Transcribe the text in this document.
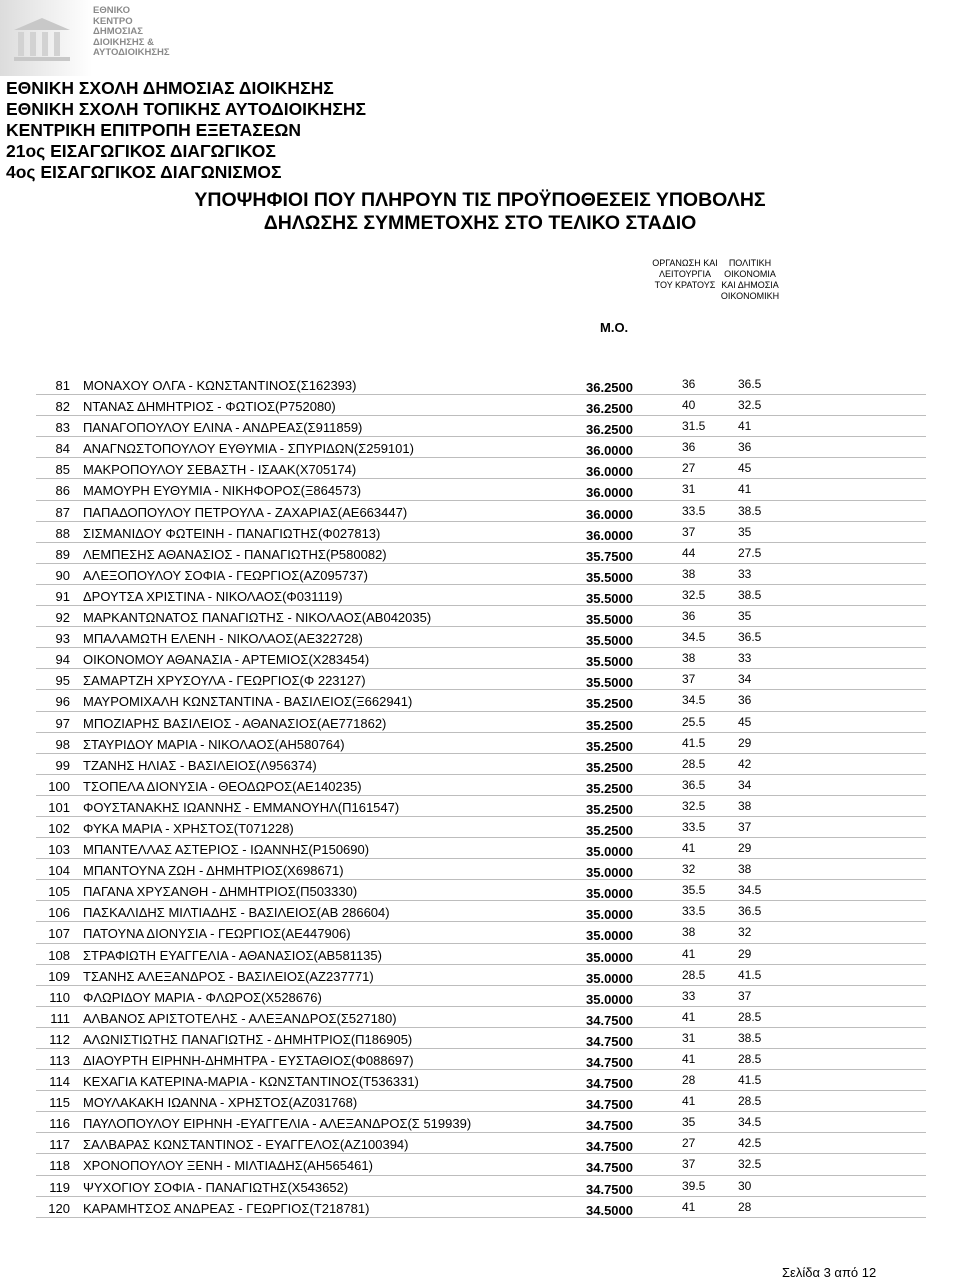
ΕΘΝΙΚΟ
ΚΕΝΤΡΟ
ΔΗΜΟΣΙΑΣ
ΔΙΟΙΚΗΣΗΣ &
ΑΥΤΟΔΙΟΙΚΗΣΗΣ
ΕΘΝΙΚΗ ΣΧΟΛΗ ΔΗΜΟΣΙΑΣ ΔΙΟΙΚΗΣΗΣ
ΕΘΝΙΚΗ ΣΧΟΛΗ ΤΟΠΙΚΗΣ ΑΥΤΟΔΙΟΙΚΗΣΗΣ
ΚΕΝΤΡΙΚΗ ΕΠΙΤΡΟΠΗ ΕΞΕΤΑΣΕΩΝ
21ος ΕΙΣΑΓΩΓΙΚΟΣ ΔΙΑΓΩΓΙΚΟΣ
4ος ΕΙΣΑΓΩΓΙΚΟΣ ΔΙΑΓΩΝΙΣΜΟΣ
ΥΠΟΨΗΦΙΟΙ ΠΟΥ ΠΛΗΡΟΥΝ ΤΙΣ ΠΡΟΫΠΟΘΕΣΕΙΣ ΥΠΟΒΟΛΗΣ
ΔΗΛΩΣΗΣ ΣΥΜΜΕΤΟΧΗΣ ΣΤΟ ΤΕΛΙΚΟ ΣΤΑΔΙΟ
ΟΡΓΑΝΩΣΗ ΚΑΙ
ΛΕΙΤΟΥΡΓΙΑ
ΤΟΥ ΚΡΑΤΟΥΣ
ΠΟΛΙΤΙΚΗ
ΟΙΚΟΝΟΜΙΑ
ΚΑΙ ΔΗΜΟΣΙΑ
ΟΙΚΟΝΟΜΙΚΗ
Μ.Ο.
81 ΜΟΝΑΧΟΥ ΟΛΓΑ - ΚΩΝΣΤΑΝΤΙΝΟΣ(Σ162393)	36.2500	36	36.5
82 ΝΤΑΝΑΣ ΔΗΜΗΤΡΙΟΣ - ΦΩΤΙΟΣ(Ρ752080)	36.2500	40	32.5
83 ΠΑΝΑΓΟΠΟΥΛΟΥ ΕΛΙΝΑ - ΑΝΔΡΕΑΣ(Σ911859)	36.2500	31.5	41
84 ΑΝΑΓΝΩΣΤΟΠΟΥΛΟΥ ΕΥΘΥΜΙΑ - ΣΠΥΡΙΔΩΝ(Σ259101)	36.0000	36	36
85 ΜΑΚΡΟΠΟΥΛΟΥ ΣΕΒΑΣΤΗ - ΙΣΑΑΚ(Χ705174)	36.0000	27	45
86 ΜΑΜΟΥΡΗ ΕΥΘΥΜΙΑ - ΝΙΚΗΦΟΡΟΣ(Ξ864573)	36.0000	31	41
87 ΠΑΠΑΔΟΠΟΥΛΟΥ ΠΕΤΡΟΥΛΑ - ΖΑΧΑΡΙΑΣ(ΑΕ663447)	36.0000	33.5	38.5
88 ΣΙΣΜΑΝΙΔΟΥ ΦΩΤΕΙΝΗ - ΠΑΝΑΓΙΩΤΗΣ(Φ027813)	36.0000	37	35
89 ΛΕΜΠΕΣΗΣ ΑΘΑΝΑΣΙΟΣ - ΠΑΝΑΓΙΩΤΗΣ(Ρ580082)	35.7500	44	27.5
90 ΑΛΕΞΟΠΟΥΛΟΥ ΣΟΦΙΑ - ΓΕΩΡΓΙΟΣ(ΑΖ095737)	35.5000	38	33
91 ΔΡΟΥΤΣΑ ΧΡΙΣΤΙΝΑ - ΝΙΚΟΛΑΟΣ(Φ031119)	35.5000	32.5	38.5
92 ΜΑΡΚΑΝΤΩΝΑΤΟΣ ΠΑΝΑΓΙΩΤΗΣ - ΝΙΚΟΛΑΟΣ(ΑΒ042035)	35.5000	36	35
93 ΜΠΑΛΑΜΩΤΗ ΕΛΕΝΗ - ΝΙΚΟΛΑΟΣ(ΑΕ322728)	35.5000	34.5	36.5
94 ΟΙΚΟΝΟΜΟΥ ΑΘΑΝΑΣΙΑ - ΑΡΤΕΜΙΟΣ(Χ283454)	35.5000	38	33
95 ΣΑΜΑΡΤΖΗ ΧΡΥΣΟΥΛΑ - ΓΕΩΡΓΙΟΣ(Φ 223127)	35.5000	37	34
96 ΜΑΥΡΟΜΙΧΑΛΗ ΚΩΝΣΤΑΝΤΙΝΑ - ΒΑΣΙΛΕΙΟΣ(Ξ662941)	35.2500	34.5	36
97 ΜΠΟΖΙΑΡΗΣ ΒΑΣΙΛΕΙΟΣ - ΑΘΑΝΑΣΙΟΣ(ΑΕ771862)	35.2500	25.5	45
98 ΣΤΑΥΡΙΔΟΥ ΜΑΡΙΑ - ΝΙΚΟΛΑΟΣ(ΑΗ580764)	35.2500	41.5	29
99 ΤΖΑΝΗΣ ΗΛΙΑΣ - ΒΑΣΙΛΕΙΟΣ(Λ956374)	35.2500	28.5	42
100 ΤΣΟΠΕΛΑ ΔΙΟΝΥΣΙΑ - ΘΕΟΔΩΡΟΣ(ΑΕ140235)	35.2500	36.5	34
101 ΦΟΥΣΤΑΝΑΚΗΣ ΙΩΑΝΝΗΣ - ΕΜΜΑΝΟΥΗΛ(Π161547)	35.2500	32.5	38
102 ΦΥΚΑ ΜΑΡΙΑ - ΧΡΗΣΤΟΣ(Τ071228)	35.2500	33.5	37
103 ΜΠΑΝΤΕΛΛΑΣ ΑΣΤΕΡΙΟΣ - ΙΩΑΝΝΗΣ(Ρ150690)	35.0000	41	29
104 ΜΠΑΝΤΟΥΝΑ ΖΩΗ - ΔΗΜΗΤΡΙΟΣ(Χ698671)	35.0000	32	38
105 ΠΑΓΑΝΑ ΧΡΥΣΑΝΘΗ - ΔΗΜΗΤΡΙΟΣ(Π503330)	35.0000	35.5	34.5
106 ΠΑΣΚΑΛΙΔΗΣ ΜΙΛΤΙΑΔΗΣ - ΒΑΣΙΛΕΙΟΣ(ΑΒ 286604)	35.0000	33.5	36.5
107 ΠΑΤΟΥΝΑ ΔΙΟΝΥΣΙΑ - ΓΕΩΡΓΙΟΣ(ΑΕ447906)	35.0000	38	32
108 ΣΤΡΑΦΙΩΤΗ ΕΥΑΓΓΕΛΙΑ - ΑΘΑΝΑΣΙΟΣ(ΑΒ581135)	35.0000	41	29
109 ΤΣΑΝΗΣ ΑΛΕΞΑΝΔΡΟΣ - ΒΑΣΙΛΕΙΟΣ(ΑΖ237771)	35.0000	28.5	41.5
110 ΦΛΩΡΙΔΟΥ ΜΑΡΙΑ - ΦΛΩΡΟΣ(Χ528676)	35.0000	33	37
111 ΑΛΒΑΝΟΣ ΑΡΙΣΤΟΤΕΛΗΣ - ΑΛΕΞΑΝΔΡΟΣ(Σ527180)	34.7500	41	28.5
112 ΑΛΩΝΙΣΤΙΩΤΗΣ ΠΑΝΑΓΙΩΤΗΣ - ΔΗΜΗΤΡΙΟΣ(Π186905)	34.7500	31	38.5
113 ΔΙΑΟΥΡΤΗ ΕΙΡΗΝΗ-ΔΗΜΗΤΡΑ - ΕΥΣΤΑΘΙΟΣ(Φ088697)	34.7500	41	28.5
114 ΚΕΧΑΓΙΑ ΚΑΤΕΡΙΝΑ-ΜΑΡΙΑ - ΚΩΝΣΤΑΝΤΙΝΟΣ(Τ536331)	34.7500	28	41.5
115 ΜΟΥΛΑΚΑΚΗ ΙΩΑΝΝΑ - ΧΡΗΣΤΟΣ(ΑΖ031768)	34.7500	41	28.5
116 ΠΑΥΛΟΠΟΥΛΟΥ ΕΙΡΗΝΗ -ΕΥΑΓΓΕΛΙΑ - ΑΛΕΞΑΝΔΡΟΣ(Σ 519939)	34.7500	35	34.5
117 ΣΑΛΒΑΡΑΣ ΚΩΝΣΤΑΝΤΙΝΟΣ - ΕΥΑΓΓΕΛΟΣ(ΑΖ100394)	34.7500	27	42.5
118 ΧΡΟΝΟΠΟΥΛΟΥ ΞΕΝΗ - ΜΙΛΤΙΑΔΗΣ(ΑΗ565461)	34.7500	37	32.5
119 ΨΥΧΟΓΙΟΥ ΣΟΦΙΑ - ΠΑΝΑΓΙΩΤΗΣ(Χ543652)	34.7500	39.5	30
120 ΚΑΡΑΜΗΤΣΟΣ ΑΝΔΡΕΑΣ - ΓΕΩΡΓΙΟΣ(Τ218781)	34.5000	41	28
Σελίδα 3 από 12
